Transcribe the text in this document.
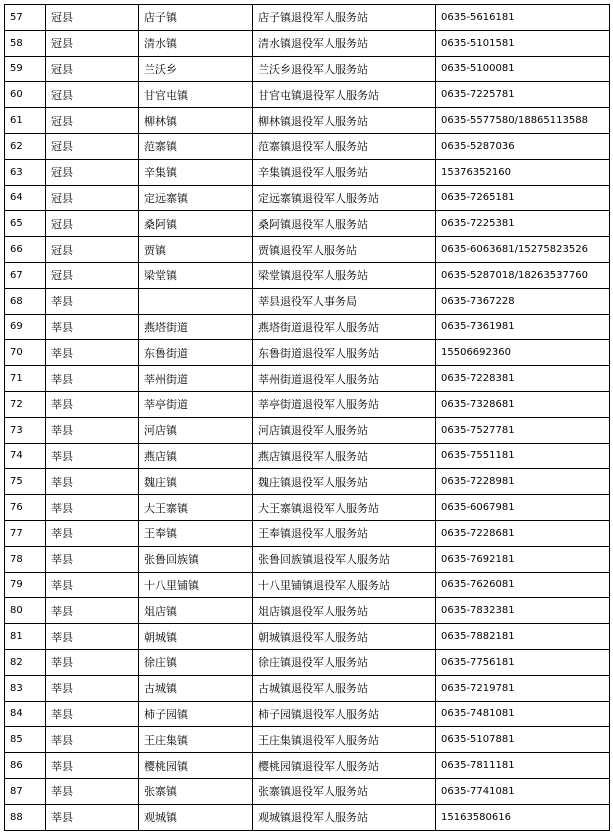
57	冠县	店子镇	店子镇退役军人服务站	0635-5616181
58	冠县	清水镇	清水镇退役军人服务站	0635-5101581
59	冠县	兰沃乡	兰沃乡退役军人服务站	0635-5100081
60	冠县	甘官屯镇	甘官屯镇退役军人服务站	0635-7225781
61	冠县	柳林镇	柳林镇退役军人服务站	0635-5577580/18865113588
62	冠县	范寨镇	范寨镇退役军人服务站	0635-5287036
63	冠县	辛集镇	辛集镇退役军人服务站	15376352160
64	冠县	定远寨镇	定远寨镇退役军人服务站	0635-7265181
65	冠县	桑阿镇	桑阿镇退役军人服务站	0635-7225381
66	冠县	贾镇	贾镇退役军人服务站	0635-6063681/15275823526
67	冠县	梁堂镇	梁堂镇退役军人服务站	0635-5287018/18263537760
68	莘县		莘县退役军人事务局	0635-7367228
69	莘县	燕塔街道	燕塔街道退役军人服务站	0635-7361981
70	莘县	东鲁街道	东鲁街道退役军人服务站	15506692360
71	莘县	莘州街道	莘州街道退役军人服务站	0635-7228381
72	莘县	莘亭街道	莘亭街道退役军人服务站	0635-7328681
73	莘县	河店镇	河店镇退役军人服务站	0635-7527781
74	莘县	燕店镇	燕店镇退役军人服务站	0635-7551181
75	莘县	魏庄镇	魏庄镇退役军人服务站	0635-7228981
76	莘县	大王寨镇	大王寨镇退役军人服务站	0635-6067981
77	莘县	王奉镇	王奉镇退役军人服务站	0635-7228681
78	莘县	张鲁回族镇	张鲁回族镇退役军人服务站	0635-7692181
79	莘县	十八里铺镇	十八里铺镇退役军人服务站	0635-7626081
80	莘县	俎店镇	俎店镇退役军人服务站	0635-7832381
81	莘县	朝城镇	朝城镇退役军人服务站	0635-7882181
82	莘县	徐庄镇	徐庄镇退役军人服务站	0635-7756181
83	莘县	古城镇	古城镇退役军人服务站	0635-7219781
84	莘县	柿子园镇	柿子园镇退役军人服务站	0635-7481081
85	莘县	王庄集镇	王庄集镇退役军人服务站	0635-5107881
86	莘县	樱桃园镇	樱桃园镇退役军人服务站	0635-7811181
87	莘县	张寨镇	张寨镇退役军人服务站	0635-7741081
88	莘县	观城镇	观城镇退役军人服务站	15163580616
